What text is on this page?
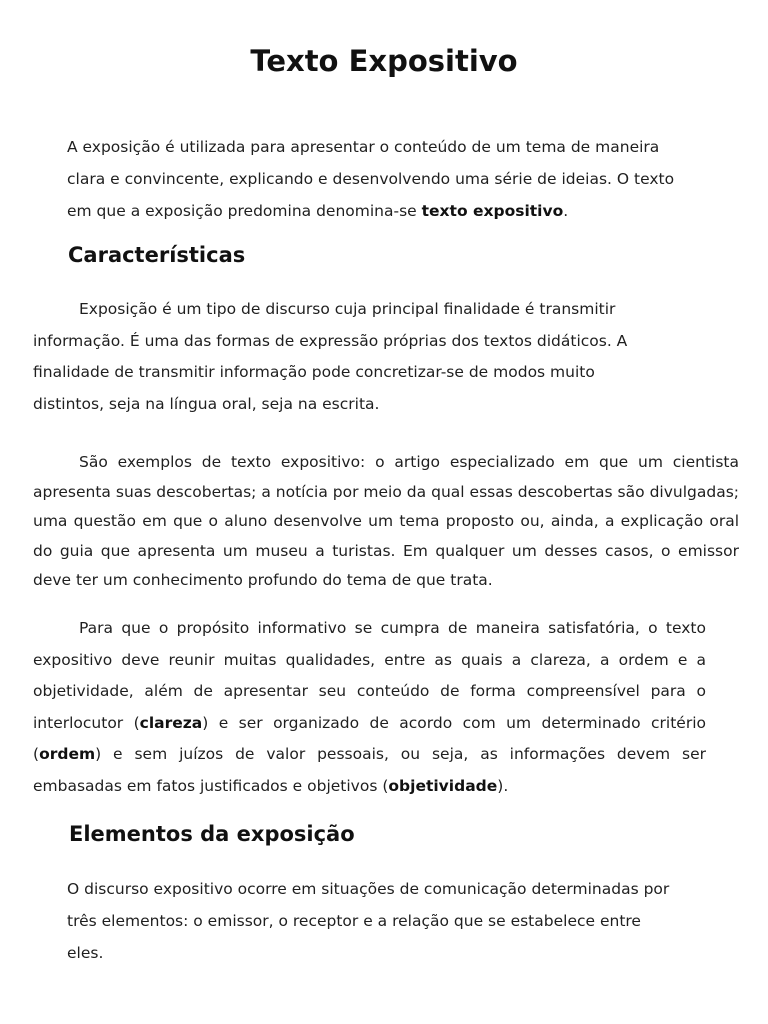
Texto Expositivo

A exposição é utilizada para apresentar o conteúdo de um tema de maneira
clara e convincente, explicando e desenvolvendo uma série de ideias. O texto
em que a exposição predomina denomina-se texto expositivo.

Características

Exposição é um tipo de discurso cuja principal finalidade é transmitir
informação. É uma das formas de expressão próprias dos textos didáticos. A
finalidade de transmitir informação pode concretizar-se de modos muito
distintos, seja na língua oral, seja na escrita.

São exemplos de texto expositivo: o artigo especializado em que um cientista apresenta suas descobertas; a notícia por meio da qual essas descobertas são divulgadas; uma questão em que o aluno desenvolve um tema proposto ou, ainda, a explicação oral do guia que apresenta um museu a turistas. Em qualquer um desses casos, o emissor deve ter um conhecimento profundo do tema de que trata.

Para que o propósito informativo se cumpra de maneira satisfatória, o texto expositivo deve reunir muitas qualidades, entre as quais a clareza, a ordem e a objetividade, além de apresentar seu conteúdo de forma compreensível para o interlocutor (clareza) e ser organizado de acordo com um determinado critério (ordem) e sem juízos de valor pessoais, ou seja, as informações devem ser embasadas em fatos justificados e objetivos (objetividade).

Elementos da exposição

O discurso expositivo ocorre em situações de comunicação determinadas por
três elementos: o emissor, o receptor e a relação que se estabelece entre
eles.
